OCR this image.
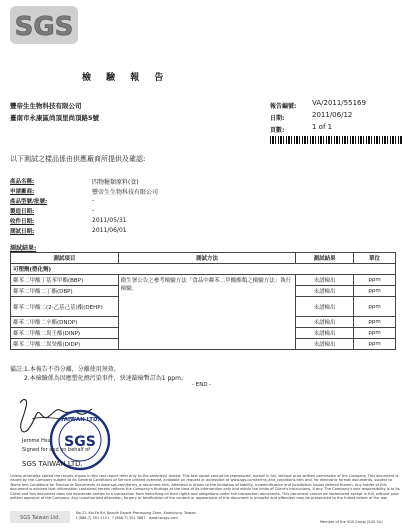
SGS
檢 驗 報 告
豐帝生生物科技有限公司
臺南市永康區尚頂里尚頂路5號
報告編號: VA/2011/55169
日期:	2011/06/12
頁數:	1 of 1
以下測試之樣品係由供應廠商所提供及確認:
產品名稱:	四物糖類原料(食)
申請廠商:	豐帝生生物科技有限公司
產品型號/批號:	-
製造日期:	-
收件日期:	2011/05/31
測試日期:	2011/06/01
測試結果:
測試項目	測試方法	測試結果	單位
可塑劑(塑化劑)			
鄰苯二甲酸丁基苯甲酯(BBP)	衛生署公告之參考檢驗方法「食品中鄰苯二甲酸酯類之檢驗方法」執行檢驗。	未譜檢出	ppm
鄰苯二甲酸二丁酯(DBP)		未譜檢出	ppm
鄰苯二甲酸二(2-乙基己基)酯(DEHP)		未譜檢出	ppm
鄰苯二甲酸二辛酯(DNOP)		未譜檢出	ppm
鄰苯二甲酸二異壬酯(DINP)		未譜檢出	ppm
鄰苯二甲酸二異癸酯(DIDP)		未譜檢出	ppm
備註:1.本報告不得分離，分離使用無效。
2.本檢驗係為因應塑化劑污染事件，快速篩檢暫訂為1 ppm。
- END -
SGS
TAIWAN LTD.
Jerome Hsu
Signed for and on behalf of
SGS TAIWAN LTD.
Unless otherwise stated the results shown in this test report refer only to the sample(s) tested. This test report cannot be reproduced, except in full, without prior written permission of the Company. This document is issued by the Company subject to its General Conditions of Service printed overleaf, available on request or accessible at www.sgs.com/terms_and_conditions.htm and, for electronic format documents, subject to Terms and Conditions for Electronic Documents at www.sgs.com/terms_e-document.htm. Attention is drawn to the limitation of liability, indemnification and jurisdiction issues defined therein. Any holder of this document is advised that information contained hereon reflects the Company's findings at the time of its intervention only and within the limits of Client's instructions, if any. The Company's sole responsibility is to its Client and this document does not exonerate parties to a transaction from exercising all their rights and obligations under the transaction documents. This document cannot be reproduced except in full, without prior written approval of the Company. Any unauthorized alteration, forgery or falsification of the content or appearance of this document is unlawful and offenders may be prosecuted to the fullest extent of the law.
SGS Taiwan Ltd.
No.31, Kai-Fa Rd. Nanzih Export Processing Zone, Kaohsiung, Taiwan
t (886-7) 301 2121 f (886-7) 301 3867 www.tw.sgs.com
Member of the SGS Group (SGS SA)
